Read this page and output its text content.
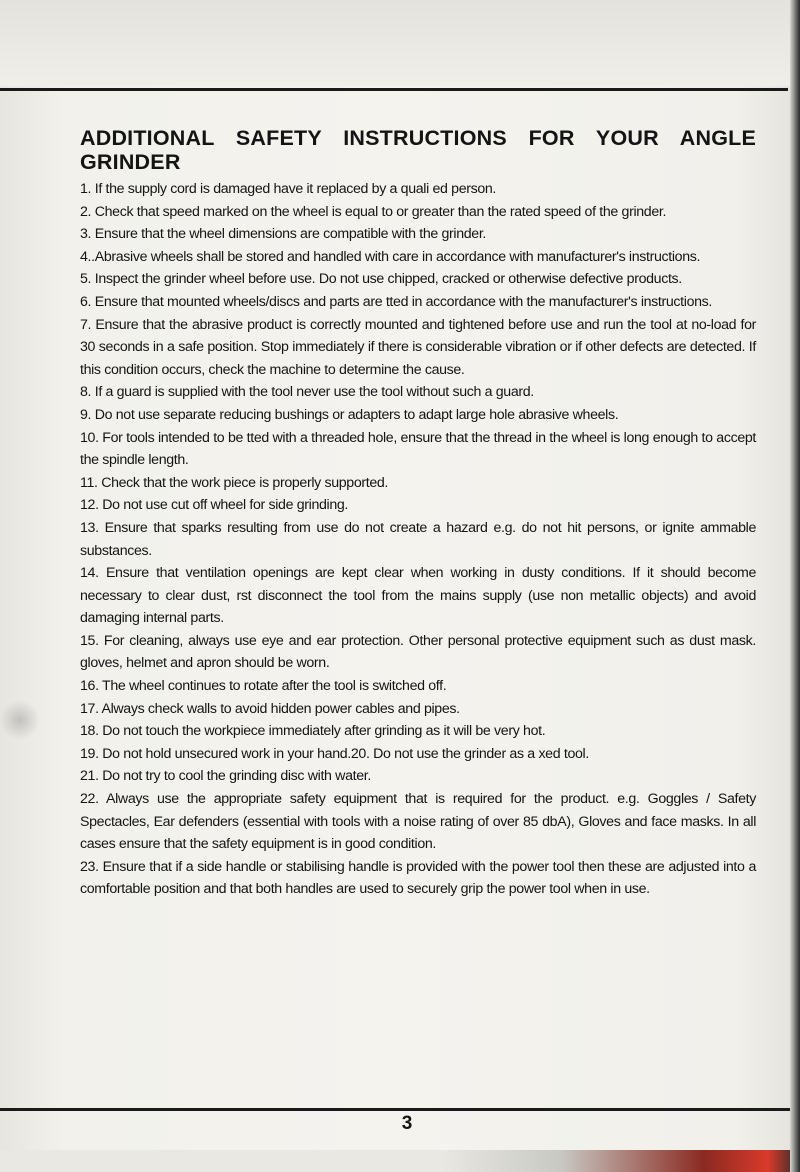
ADDITIONAL SAFETY INSTRUCTIONS FOR YOUR ANGLE
GRINDER
1. If the supply cord is damaged have it replaced by a quali ed person.
2. Check that speed marked on the wheel is equal to or greater than the rated speed of the grinder.
3. Ensure that the wheel dimensions are compatible with the grinder.
4..Abrasive wheels shall be stored and handled with care in accordance with manufacturer's instructions.
5. Inspect the grinder wheel before use. Do not use chipped, cracked or otherwise defective products.
6. Ensure that mounted wheels/discs and parts are tted in accordance with the manufacturer's instructions.
7. Ensure that the abrasive product is correctly mounted and tightened before use and run the tool at no-load for 30 seconds in a safe position. Stop immediately if there is considerable vibration or if other defects are detected. If this condition occurs, check the machine to determine the cause.
8. If a guard is supplied with the tool never use the tool without such a guard.
9. Do not use separate reducing bushings or adapters to adapt large hole abrasive wheels.
10. For tools intended to be tted with a threaded hole, ensure that the thread in the wheel is long enough to accept the spindle length.
11. Check that the work piece is properly supported.
12. Do not use cut off wheel for side grinding.
13. Ensure that sparks resulting from use do not create a hazard e.g. do not hit persons, or ignite ammable substances.
14. Ensure that ventilation openings are kept clear when working in dusty conditions. If it should become necessary to clear dust, rst disconnect the tool from the mains supply (use non metallic objects) and avoid damaging internal parts.
15. For cleaning, always use eye and ear protection. Other personal protective equipment such as dust mask. gloves, helmet and apron should be worn.
16. The wheel continues to rotate after the tool is switched off.
17. Always check walls to avoid hidden power cables and pipes.
18. Do not touch the workpiece immediately after grinding as it will be very hot.
19. Do not hold unsecured work in your hand.20. Do not use the grinder as a xed tool.
21. Do not try to cool the grinding disc with water.
22. Always use the appropriate safety equipment that is required for the product. e.g. Goggles / Safety Spectacles, Ear defenders (essential with tools with a noise rating of over 85 dbA), Gloves and face masks. In all cases ensure that the safety equipment is in good condition.
23. Ensure that if a side handle or stabilising handle is provided with the power tool then these are adjusted into a comfortable position and that both handles are used to securely grip the power tool when in use.
3
